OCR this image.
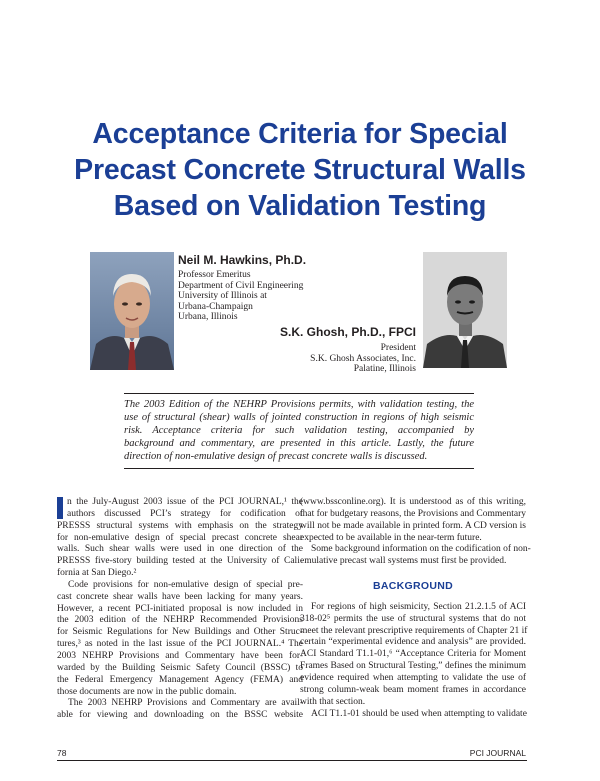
Acceptance Criteria for Special
Precast Concrete Structural Walls
Based on Validation Testing
Neil M. Hawkins, Ph.D.
Professor Emeritus
Department of Civil Engineering
University of Illinois at
Urbana-Champaign
Urbana, Illinois
S.K. Ghosh, Ph.D., FPCI
President
S.K. Ghosh Associates, Inc.
Palatine, Illinois
The 2003 Edition of the NEHRP Provisions permits, with validation testing, the
use of structural (shear) walls of jointed construction in regions of high seismic
risk. Acceptance criteria for such validation testing, accompanied by
background and commentary, are presented in this article. Lastly, the future
direction of non-emulative design of precast concrete walls is discussed.
n the July-August 2003 issue of the PCI JOURNAL,¹ the
authors discussed PCI’s strategy for codification of
PRESSS structural systems with emphasis on the strategy
for non-emulative design of special precast concrete shear
walls. Such shear walls were used in one direction of the
PRESSS five-story building tested at the University of Cali-
fornia at San Diego.²
Code provisions for non-emulative design of special pre-
cast concrete shear walls have been lacking for many years.
However, a recent PCI-initiated proposal is now included in
the 2003 edition of the NEHRP Recommended Provisions
for Seismic Regulations for New Buildings and Other Struc-
tures,³ as noted in the last issue of the PCI JOURNAL.⁴ The
2003 NEHRP Provisions and Commentary have been for-
warded by the Building Seismic Safety Council (BSSC) to
the Federal Emergency Management Agency (FEMA) and
those documents are now in the public domain.
The 2003 NEHRP Provisions and Commentary are avail-
able for viewing and downloading on the BSSC website
(www.bssconline.org). It is understood as of this writing,
that for budgetary reasons, the Provisions and Commentary
will not be made available in printed form. A CD version is
expected to be available in the near-term future.
Some background information on the codification of non-
emulative precast wall systems must first be provided.
BACKGROUND
For regions of high seismicity, Section 21.2.1.5 of ACI
318-02⁵ permits the use of structural systems that do not
meet the relevant prescriptive requirements of Chapter 21 if
certain “experimental evidence and analysis” are provided.
ACI Standard T1.1-01,⁶ “Acceptance Criteria for Moment
Frames Based on Structural Testing,” defines the minimum
evidence required when attempting to validate the use of
strong column-weak beam moment frames in accordance
with that section.
ACI T1.1-01 should be used when attempting to validate
78	PCI JOURNAL
